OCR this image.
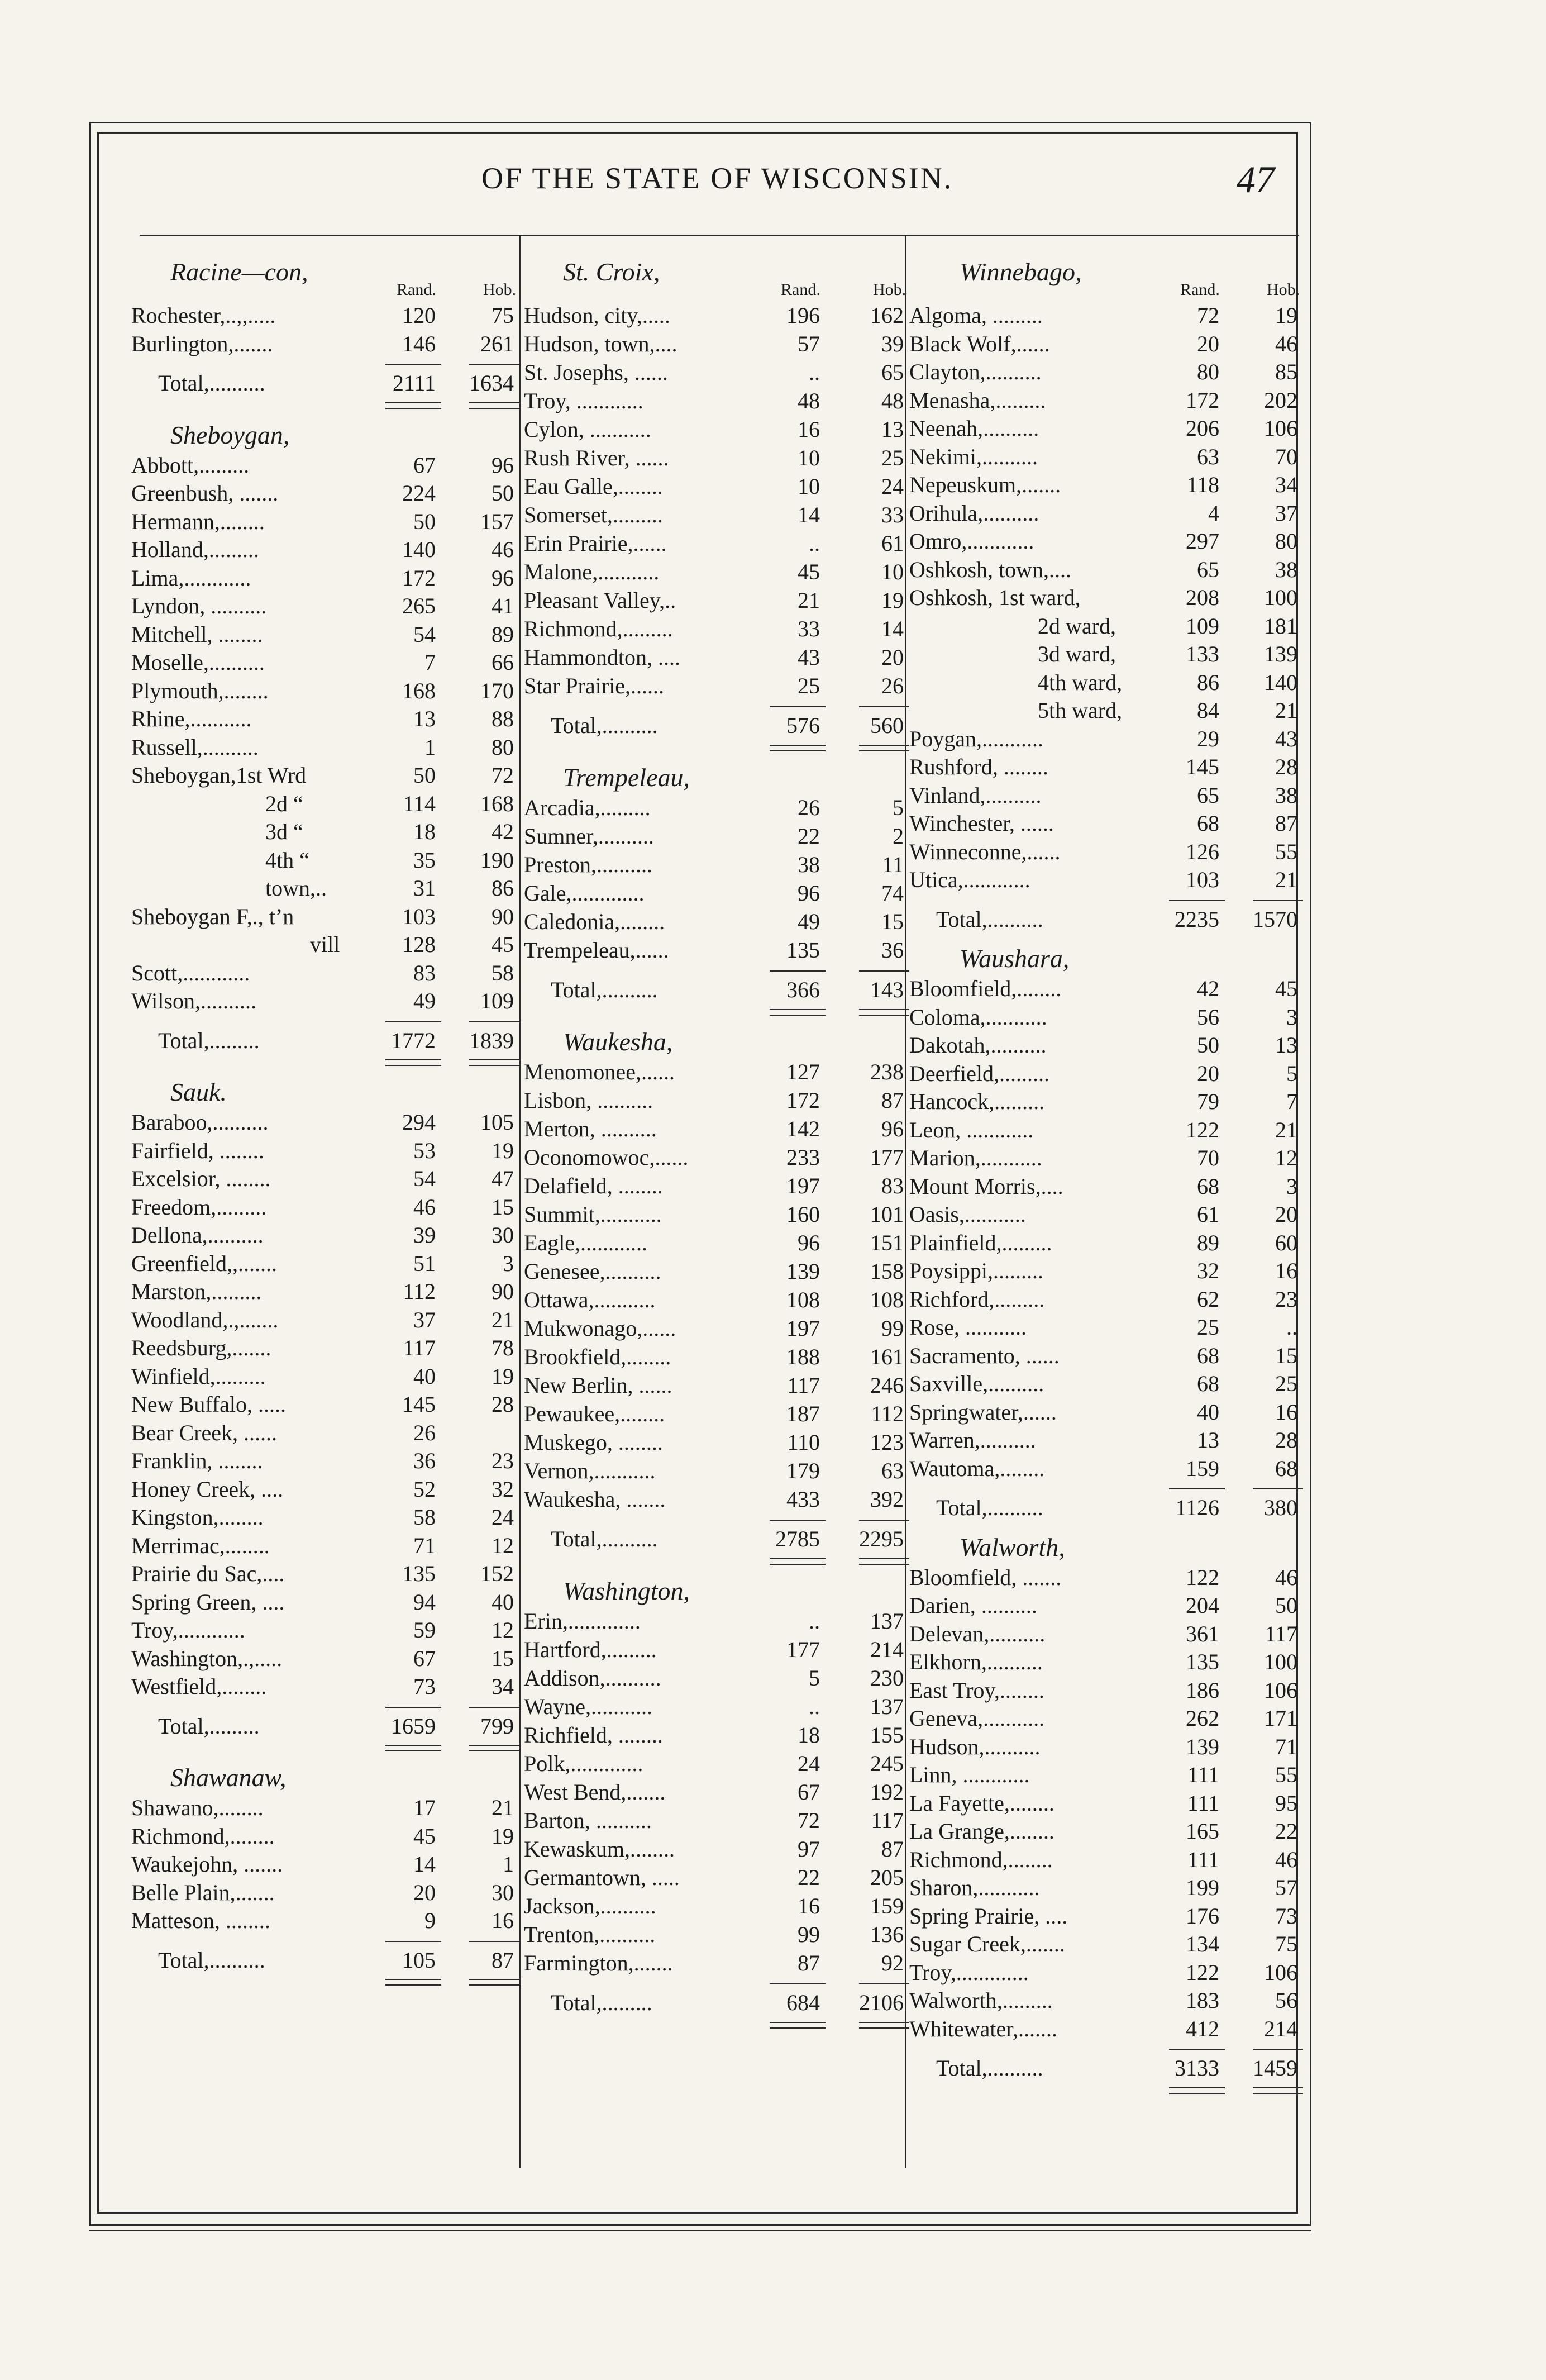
OF THE STATE OF WISCONSIN.	47
Racine—con,
Rand.	Hob.
Rochester,..,,.....	120	75
Burlington,.......	146 261
Total,..........	2111 1634
Sheboygan,
Abbott,.........	67	96
Greenbush, .......	224	50
Hermann,........	50 157
Holland,.........	140	46
Lima,............	172	96
Lyndon, ..........	265	41
Mitchell, ........	54	89
Moselle,..........	7	66
Plymouth,........	168 170
Rhine,...........	13	88
Russell,..........	1	80
Sheboygan,1st Wrd	50	72
2d “	114 168
3d “	18	42
4th “	35 190
town,..	31	86
Sheboygan F,., t’n	103	90
vill	128	45
Scott,............	83	58
Wilson,..........	49 109
Total,.........	1772 1839
Sauk.
Baraboo,..........	294 105
Fairfield, ........	53	19
Excelsior, ........	54	47
Freedom,.........	46	15
Dellona,..........	39	30
Greenfield,,.......	51	3
Marston,.........	112	90
Woodland,.,.......	37	21
Reedsburg,.......	117	78
Winfield,.........	40	19
New Buffalo, .....	145	28
Bear Creek, ......	26
Franklin, ........	36	23
Honey Creek, ....	52	32
Kingston,........	58	24
Merrimac,........	71	12
Prairie du Sac,....	135 152
Spring Green, ....	94	40
Troy,............	59	12
Washington,.,.....	67	15
Westfield,........	73	34
Total,.........	1659 799
Shawanaw,
Shawano,........	17	21
Richmond,........	45	19
Waukejohn, .......	14	1
Belle Plain,.......	20	30
Matteson, ........	9	16
Total,..........	105	87
St. Croix,
Rand.	Hob.
Hudson, city,.....	196 162
Hudson, town,....	57	39
St. Josephs, ......	..	65
Troy, ............	48	48
Cylon, ...........	16	13
Rush River, ......	10	25
Eau Galle,........	10	24
Somerset,.........	14	33
Erin Prairie,......	..	61
Malone,...........	45	10
Pleasant Valley,..	21	19
Richmond,.........	33	14
Hammondton, ....	43	20
Star Prairie,......	25	26
Total,..........	576 560
Trempeleau,
Arcadia,.........	26	5
Sumner,..........	22	2
Preston,..........	38	11
Gale,.............	96	74
Caledonia,........	49	15
Trempeleau,......	135	36
Total,..........	366 143
Waukesha,
Menomonee,......	127 238
Lisbon, ..........	172	87
Merton, ..........	142	96
Oconomowoc,......	233 177
Delafield, ........	197	83
Summit,...........	160 101
Eagle,............	96 151
Genesee,..........	139 158
Ottawa,...........	108 108
Mukwonago,......	197	99
Brookfield,........	188 161
New Berlin, ......	117 246
Pewaukee,........	187 112
Muskego, ........	110 123
Vernon,...........	179	63
Waukesha, .......	433 392
Total,..........	2785 2295
Washington,
Erin,.............	.. 137
Hartford,.........	177 214
Addison,..........	5 230
Wayne,...........	.. 137
Richfield, ........	18 155
Polk,.............	24 245
West Bend,.......	67 192
Barton, ..........	72 117
Kewaskum,........	97	87
Germantown, .....	22 205
Jackson,..........	16 159
Trenton,..........	99 136
Farmington,.......	87	92
Total,.........	684 2106
Winnebago,
Rand.	Hob.
Algoma, .........	72	19
Black Wolf,......	20	46
Clayton,..........	80	85
Menasha,.........	172 202
Neenah,..........	206 106
Nekimi,..........	63	70
Nepeuskum,.......	118	34
Orihula,..........	4	37
Omro,............	297	80
Oshkosh, town,....	65	38
Oshkosh, 1st ward,	208 100
2d ward,	109 181
3d ward,	133 139
4th ward,	86 140
5th ward,	84	21
Poygan,...........	29	43
Rushford, ........	145	28
Vinland,..........	65	38
Winchester, ......	68	87
Winneconne,......	126	55
Utica,............	103	21
Total,..........	2235 1570
Waushara,
Bloomfield,........	42	45
Coloma,...........	56	3
Dakotah,..........	50	13
Deerfield,.........	20	5
Hancock,.........	79	7
Leon, ............	122	21
Marion,...........	70	12
Mount Morris,....	68	3
Oasis,...........	61	20
Plainfield,.........	89	60
Poysippi,.........	32	16
Richford,.........	62	23
Rose, ...........	25	..
Sacramento, ......	68	15
Saxville,..........	68	25
Springwater,......	40	16
Warren,..........	13	28
Wautoma,........	159	68
Total,..........	1126 380
Walworth,
Bloomfield, .......	122	46
Darien, ..........	204	50
Delevan,..........	361 117
Elkhorn,..........	135 100
East Troy,........	186 106
Geneva,...........	262 171
Hudson,..........	139	71
Linn, ............	111	55
La Fayette,........	111	95
La Grange,........	165	22
Richmond,........	111	46
Sharon,...........	199	57
Spring Prairie, ....	176	73
Sugar Creek,.......	134	75
Troy,.............	122 106
Walworth,.........	183	56
Whitewater,.......	412 214
Total,..........	3133 1459
